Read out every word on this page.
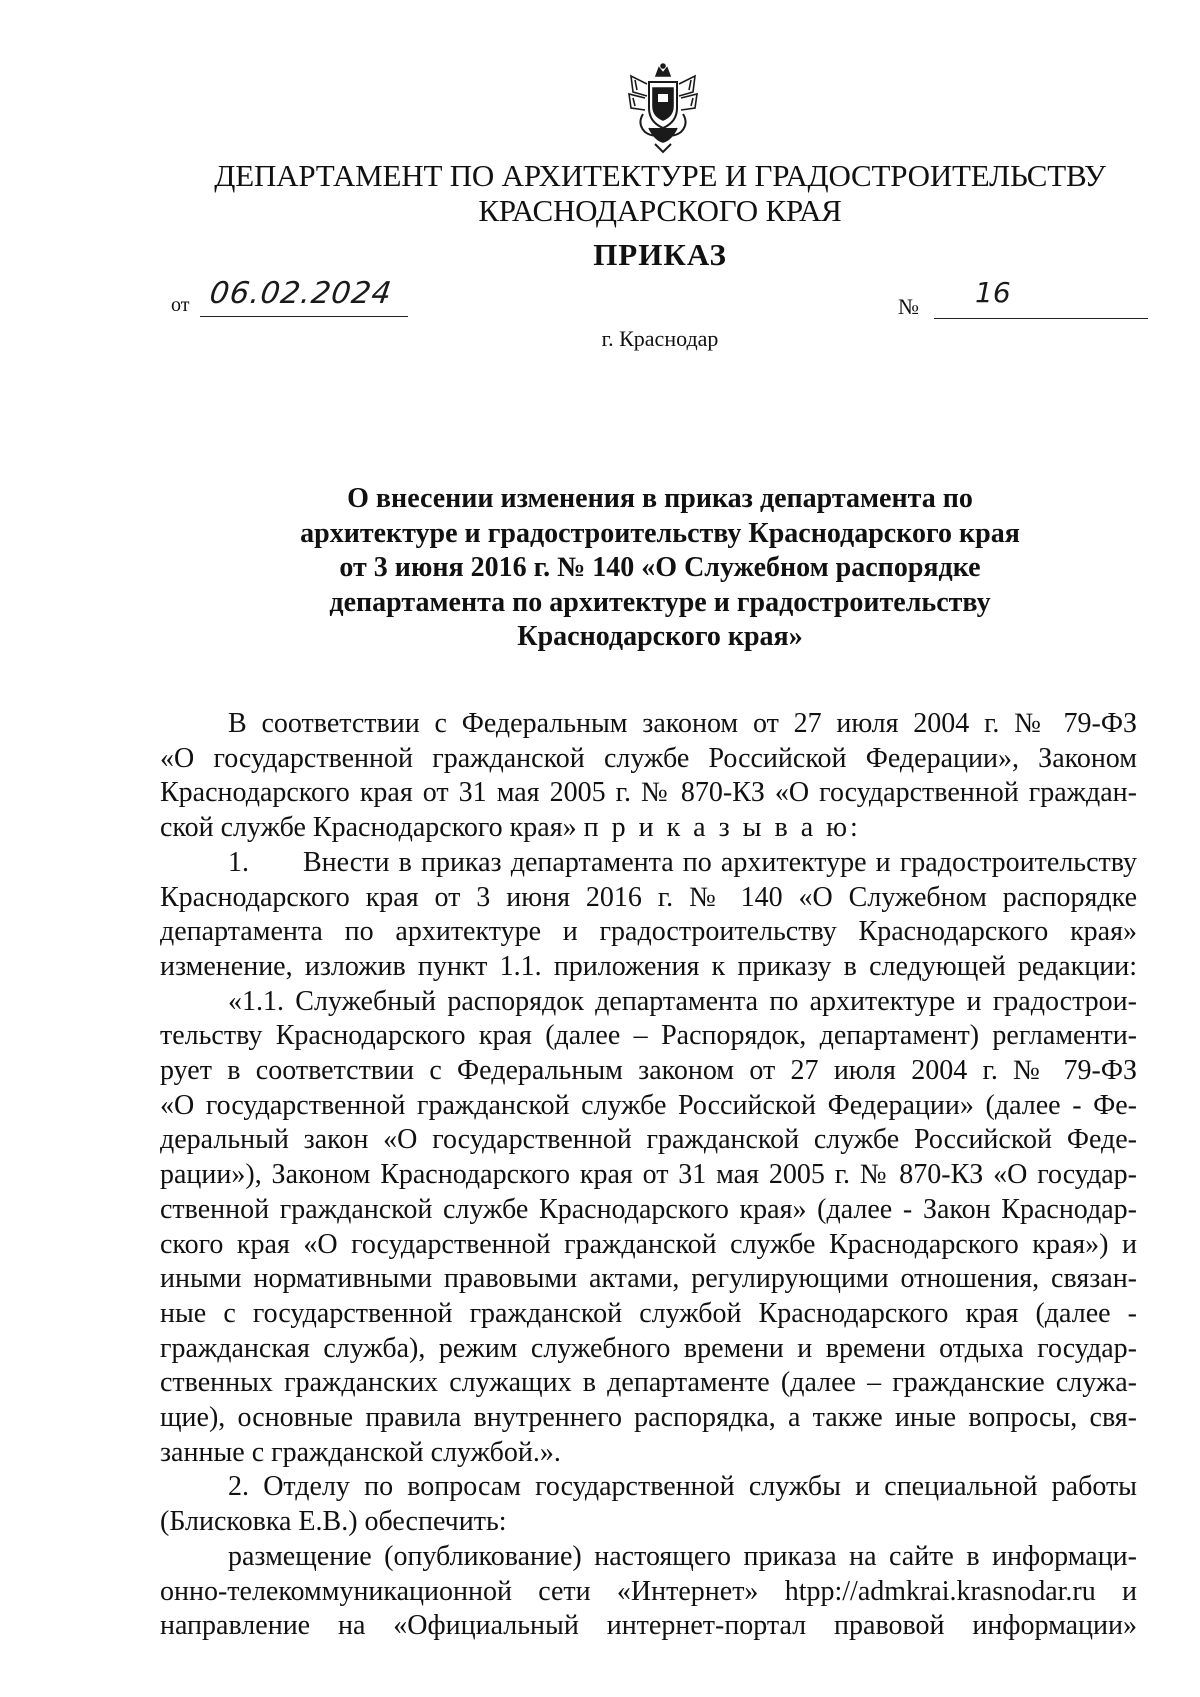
ДЕПАРТАМЕНТ ПО АРХИТЕКТУРЕ И ГРАДОСТРОИТЕЛЬСТВУ
КРАСНОДАРСКОГО КРАЯ
ПРИКАЗ
от 06.02.2024	№ 16
г. Краснодар
О внесении изменения в приказ департамента по
архитектуре и градостроительству Краснодарского края
от 3 июня 2016 г. № 140 «О Служебном распорядке
департамента по архитектуре и градостроительству
Краснодарского края»
В соответствии с Федеральным законом от 27 июля 2004 г. № 79-ФЗ
«О государственной гражданской службе Российской Федерации», Законом
Краснодарского края от 31 мая 2005 г. № 870-КЗ «О государственной граждан-
ской службе Краснодарского края» п р и к а з ы в а ю:
1. Внести в приказ департамента по архитектуре и градостроительству
Краснодарского края от 3 июня 2016 г. № 140 «О Служебном распорядке
департамента по архитектуре и градостроительству Краснодарского края»
изменение, изложив пункт 1.1. приложения к приказу в следующей редакции:
«1.1. Служебный распорядок департамента по архитектуре и градострои-
тельству Краснодарского края (далее – Распорядок, департамент) регламенти-
рует в соответствии с Федеральным законом от 27 июля 2004 г. № 79-ФЗ
«О государственной гражданской службе Российской Федерации» (далее - Фе-
деральный закон «О государственной гражданской службе Российской Феде-
рации»), Законом Краснодарского края от 31 мая 2005 г. № 870-КЗ «О государ-
ственной гражданской службе Краснодарского края» (далее - Закон Краснодар-
ского края «О государственной гражданской службе Краснодарского края») и
иными нормативными правовыми актами, регулирующими отношения, связан-
ные с государственной гражданской службой Краснодарского края (далее -
гражданская служба), режим служебного времени и времени отдыха государ-
ственных гражданских служащих в департаменте (далее – гражданские служа-
щие), основные правила внутреннего распорядка, а также иные вопросы, свя-
занные с гражданской службой.».
2. Отделу по вопросам государственной службы и специальной работы
(Блисковка Е.В.) обеспечить:
размещение (опубликование) настоящего приказа на сайте в информаци-
онно-телекоммуникационной сети «Интернет» htpp://admkrai.krasnodar.ru и
направление на «Официальный интернет-портал правовой информации»
